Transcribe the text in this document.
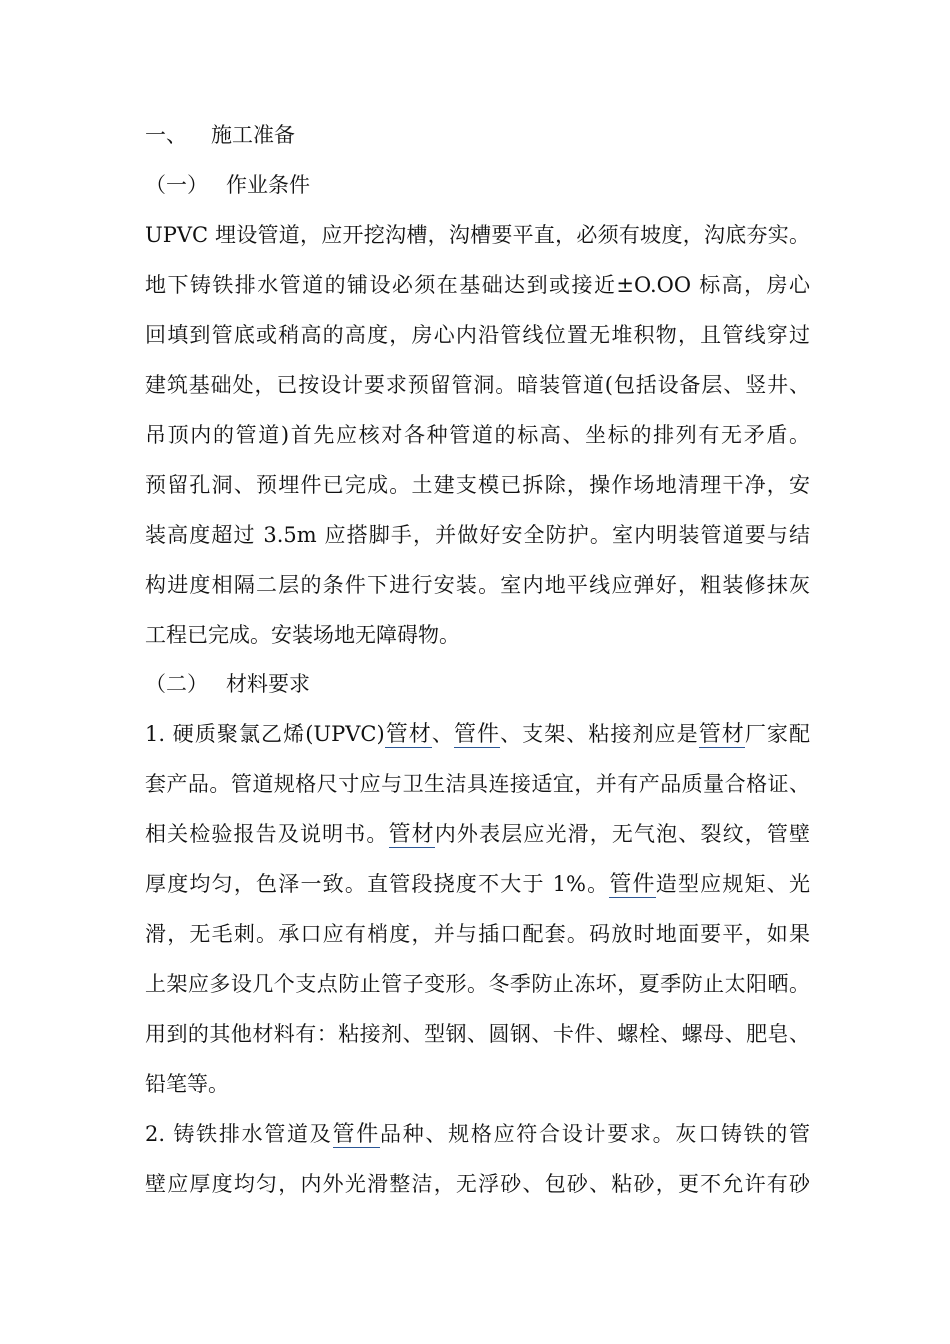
一、 施工准备
（一） 作业条件
UPVC 埋设管道，应开挖沟槽，沟槽要平直，必须有坡度，沟底夯实。
地下铸铁排水管道的铺设必须在基础达到或接近±O.OO 标高，房心
回填到管底或稍高的高度，房心内沿管线位置无堆积物，且管线穿过
建筑基础处，已按设计要求预留管洞。暗装管道(包括设备层、竖井、
吊顶内的管道)首先应核对各种管道的标高、坐标的排列有无矛盾。
预留孔洞、预埋件已完成。土建支模已拆除，操作场地清理干净，安
装高度超过 3.5m 应搭脚手，并做好安全防护。室内明装管道要与结
构进度相隔二层的条件下进行安装。室内地平线应弹好，粗装修抹灰
工程已完成。安装场地无障碍物。
（二） 材料要求
1. 硬质聚氯乙烯(UPVC)管材、管件、支架、粘接剂应是管材厂家配
套产品。管道规格尺寸应与卫生洁具连接适宜，并有产品质量合格证、
相关检验报告及说明书。管材内外表层应光滑，无气泡、裂纹，管壁
厚度均匀，色泽一致。直管段挠度不大于 1%。管件造型应规矩、光
滑，无毛刺。承口应有梢度，并与插口配套。码放时地面要平，如果
上架应多设几个支点防止管子变形。冬季防止冻坏，夏季防止太阳晒。
用到的其他材料有：粘接剂、型钢、圆钢、卡件、螺栓、螺母、肥皂、
铅笔等。
2. 铸铁排水管道及管件品种、规格应符合设计要求。灰口铸铁的管
壁应厚度均匀，内外光滑整洁，无浮砂、包砂、粘砂，更不允许有砂
